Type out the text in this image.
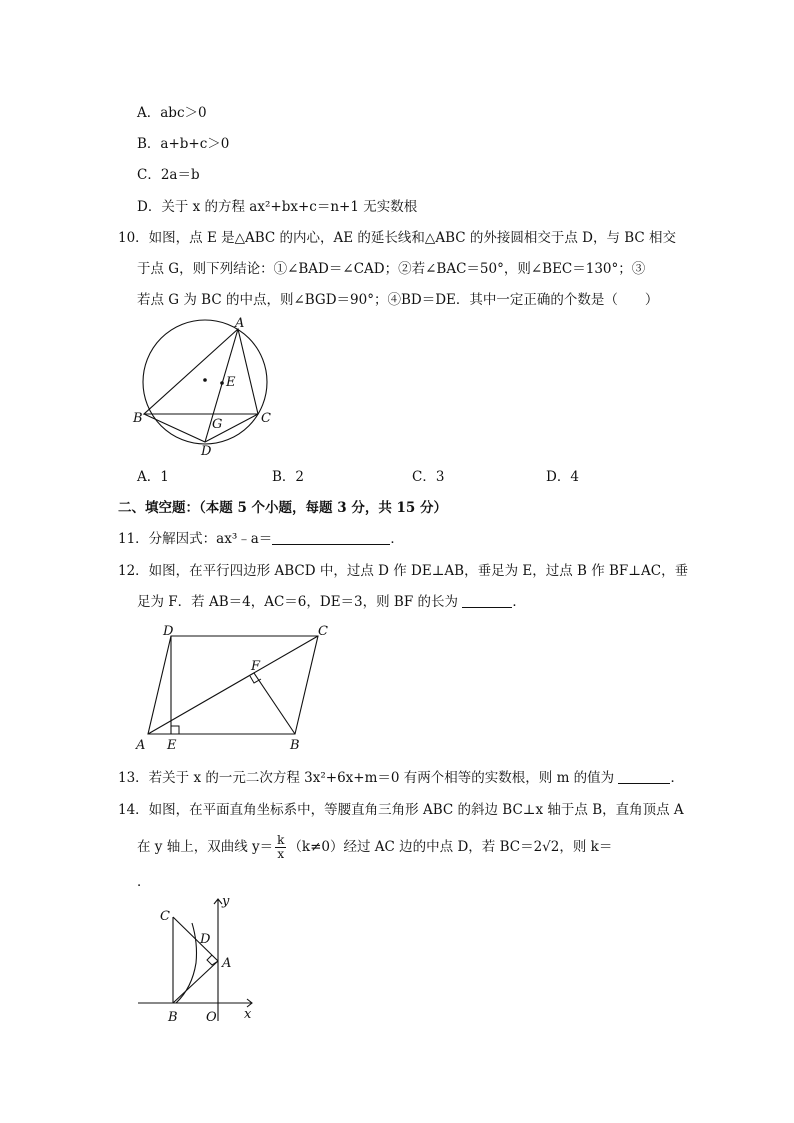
A．abc＞0
B．a+b+c＞0
C．2a＝b
D．关于 x 的方程 ax²+bx+c＝n+1 无实数根
10．如图，点 E 是△ABC 的内心，AE 的延长线和△ABC 的外接圆相交于点 D，与 BC 相交
于点 G，则下列结论：①∠BAD＝∠CAD；②若∠BAC＝50°，则∠BEC＝130°；③
若点 G 为 BC 的中点，则∠BGD＝90°；④BD＝DE．其中一定正确的个数是（　　）
A
B	C
D
E
G
A．1	B．2	C．3	D．4
二、填空题：（本题 5 个小题，每题 3 分，共 15 分）
11．分解因式：ax³﹣a＝	．
12．如图，在平行四边形 ABCD 中，过点 D 作 DE⊥AB，垂足为 E，过点 B 作 BF⊥AC，垂
足为 F．若 AB＝4，AC＝6，DE＝3，则 BF 的长为	．
A E	B
D	C
F
13．若关于 x 的一元二次方程 3x²+6x+m＝0 有两个相等的实数根，则 m 的值为	．
14．如图，在平面直角坐标系中，等腰直角三角形 ABC 的斜边 BC⊥x 轴于点 B，直角顶点 A
在 y 轴上，双曲线 $y= \frac{k}{x} (k\ne 0)$经过 AC 边的中点 D，若 BC＝2√2，则 k＝
．
C
D
A
B O x
y
